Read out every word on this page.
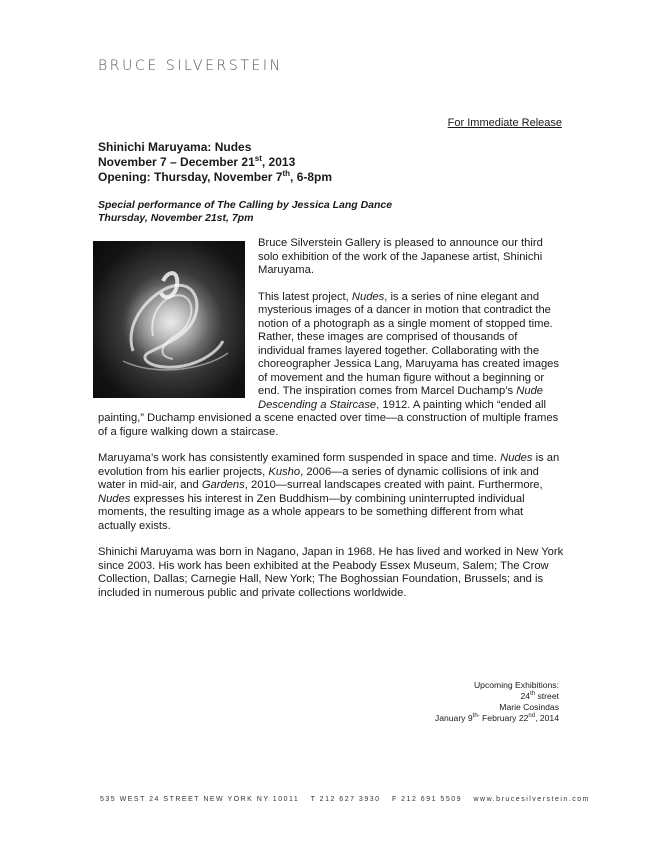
BRUCE SILVERSTEIN
For Immediate Release
Shinichi Maruyama: Nudes
November 7 – December 21st, 2013
Opening: Thursday, November 7th, 6-8pm
Special performance of The Calling by Jessica Lang Dance
Thursday, November 21st, 7pm

Bruce Silverstein Gallery is pleased to announce our third solo exhibition of the work of the Japanese artist, Shinichi Maruyama.

This latest project, Nudes, is a series of nine elegant and mysterious images of a dancer in motion that contradict the notion of a photograph as a single moment of stopped time. Rather, these images are comprised of thousands of individual frames layered together. Collaborating with the choreographer Jessica Lang, Maruyama has created images of movement and the human figure without a beginning or end. The inspiration comes from Marcel Duchamp’s Nude Descending a Staircase, 1912. A painting which “ended all painting,” Duchamp envisioned a scene enacted over time—a construction of multiple frames of a figure walking down a staircase.

Maruyama’s work has consistently examined form suspended in space and time. Nudes is an evolution from his earlier projects, Kusho, 2006—a series of dynamic collisions of ink and water in mid-air, and Gardens, 2010—surreal landscapes created with paint. Furthermore, Nudes expresses his interest in Zen Buddhism—by combining uninterrupted individual moments, the resulting image as a whole appears to be something different from what actually exists.

Shinichi Maruyama was born in Nagano, Japan in 1968. He has lived and worked in New York since 2003. His work has been exhibited at the Peabody Essex Museum, Salem; The Crow Collection, Dallas; Carnegie Hall, New York; The Boghossian Foundation, Brussels; and is included in numerous public and private collections worldwide.

Upcoming Exhibitions:
24th street
Marie Cosindas
January $9^{th-}$ February 22nd, 2014
535 WEST 24 STREET NEW YORK NY 10011 T 212 627 3930 F 212 691 5509 www.brucesilverstein.com
